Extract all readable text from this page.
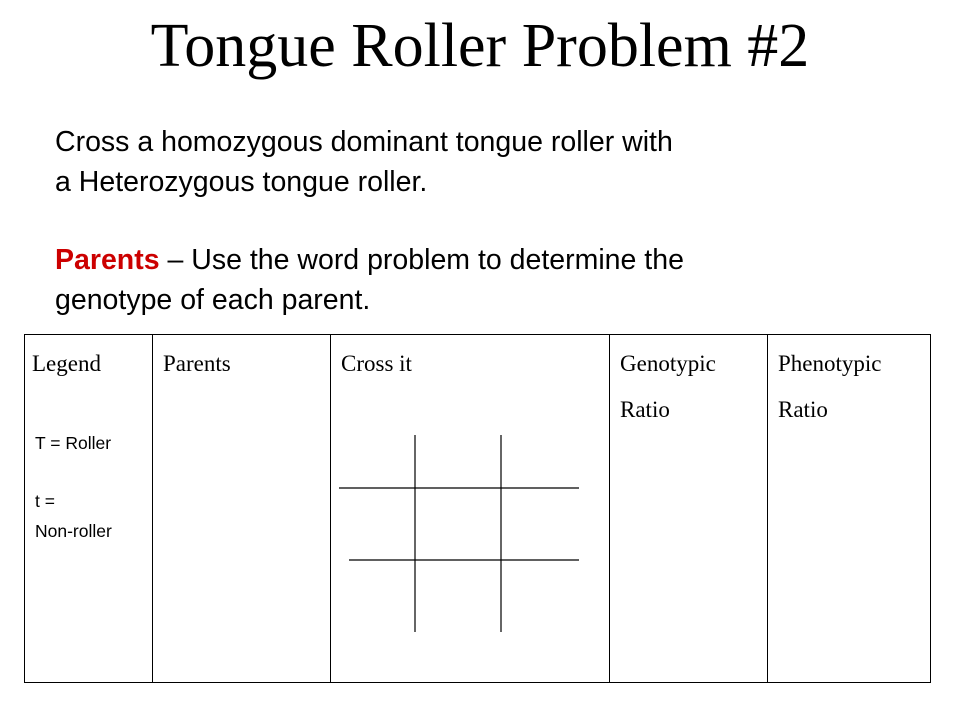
Tongue Roller Problem #2
Cross a homozygous dominant tongue roller with
a Heterozygous tongue roller.
Parents – Use the word problem to determine the
genotype of each parent.
Legend
T = Roller
t =
Non-roller
Parents	Cross it	Genotypic Ratio
Phenotypic Ratio
